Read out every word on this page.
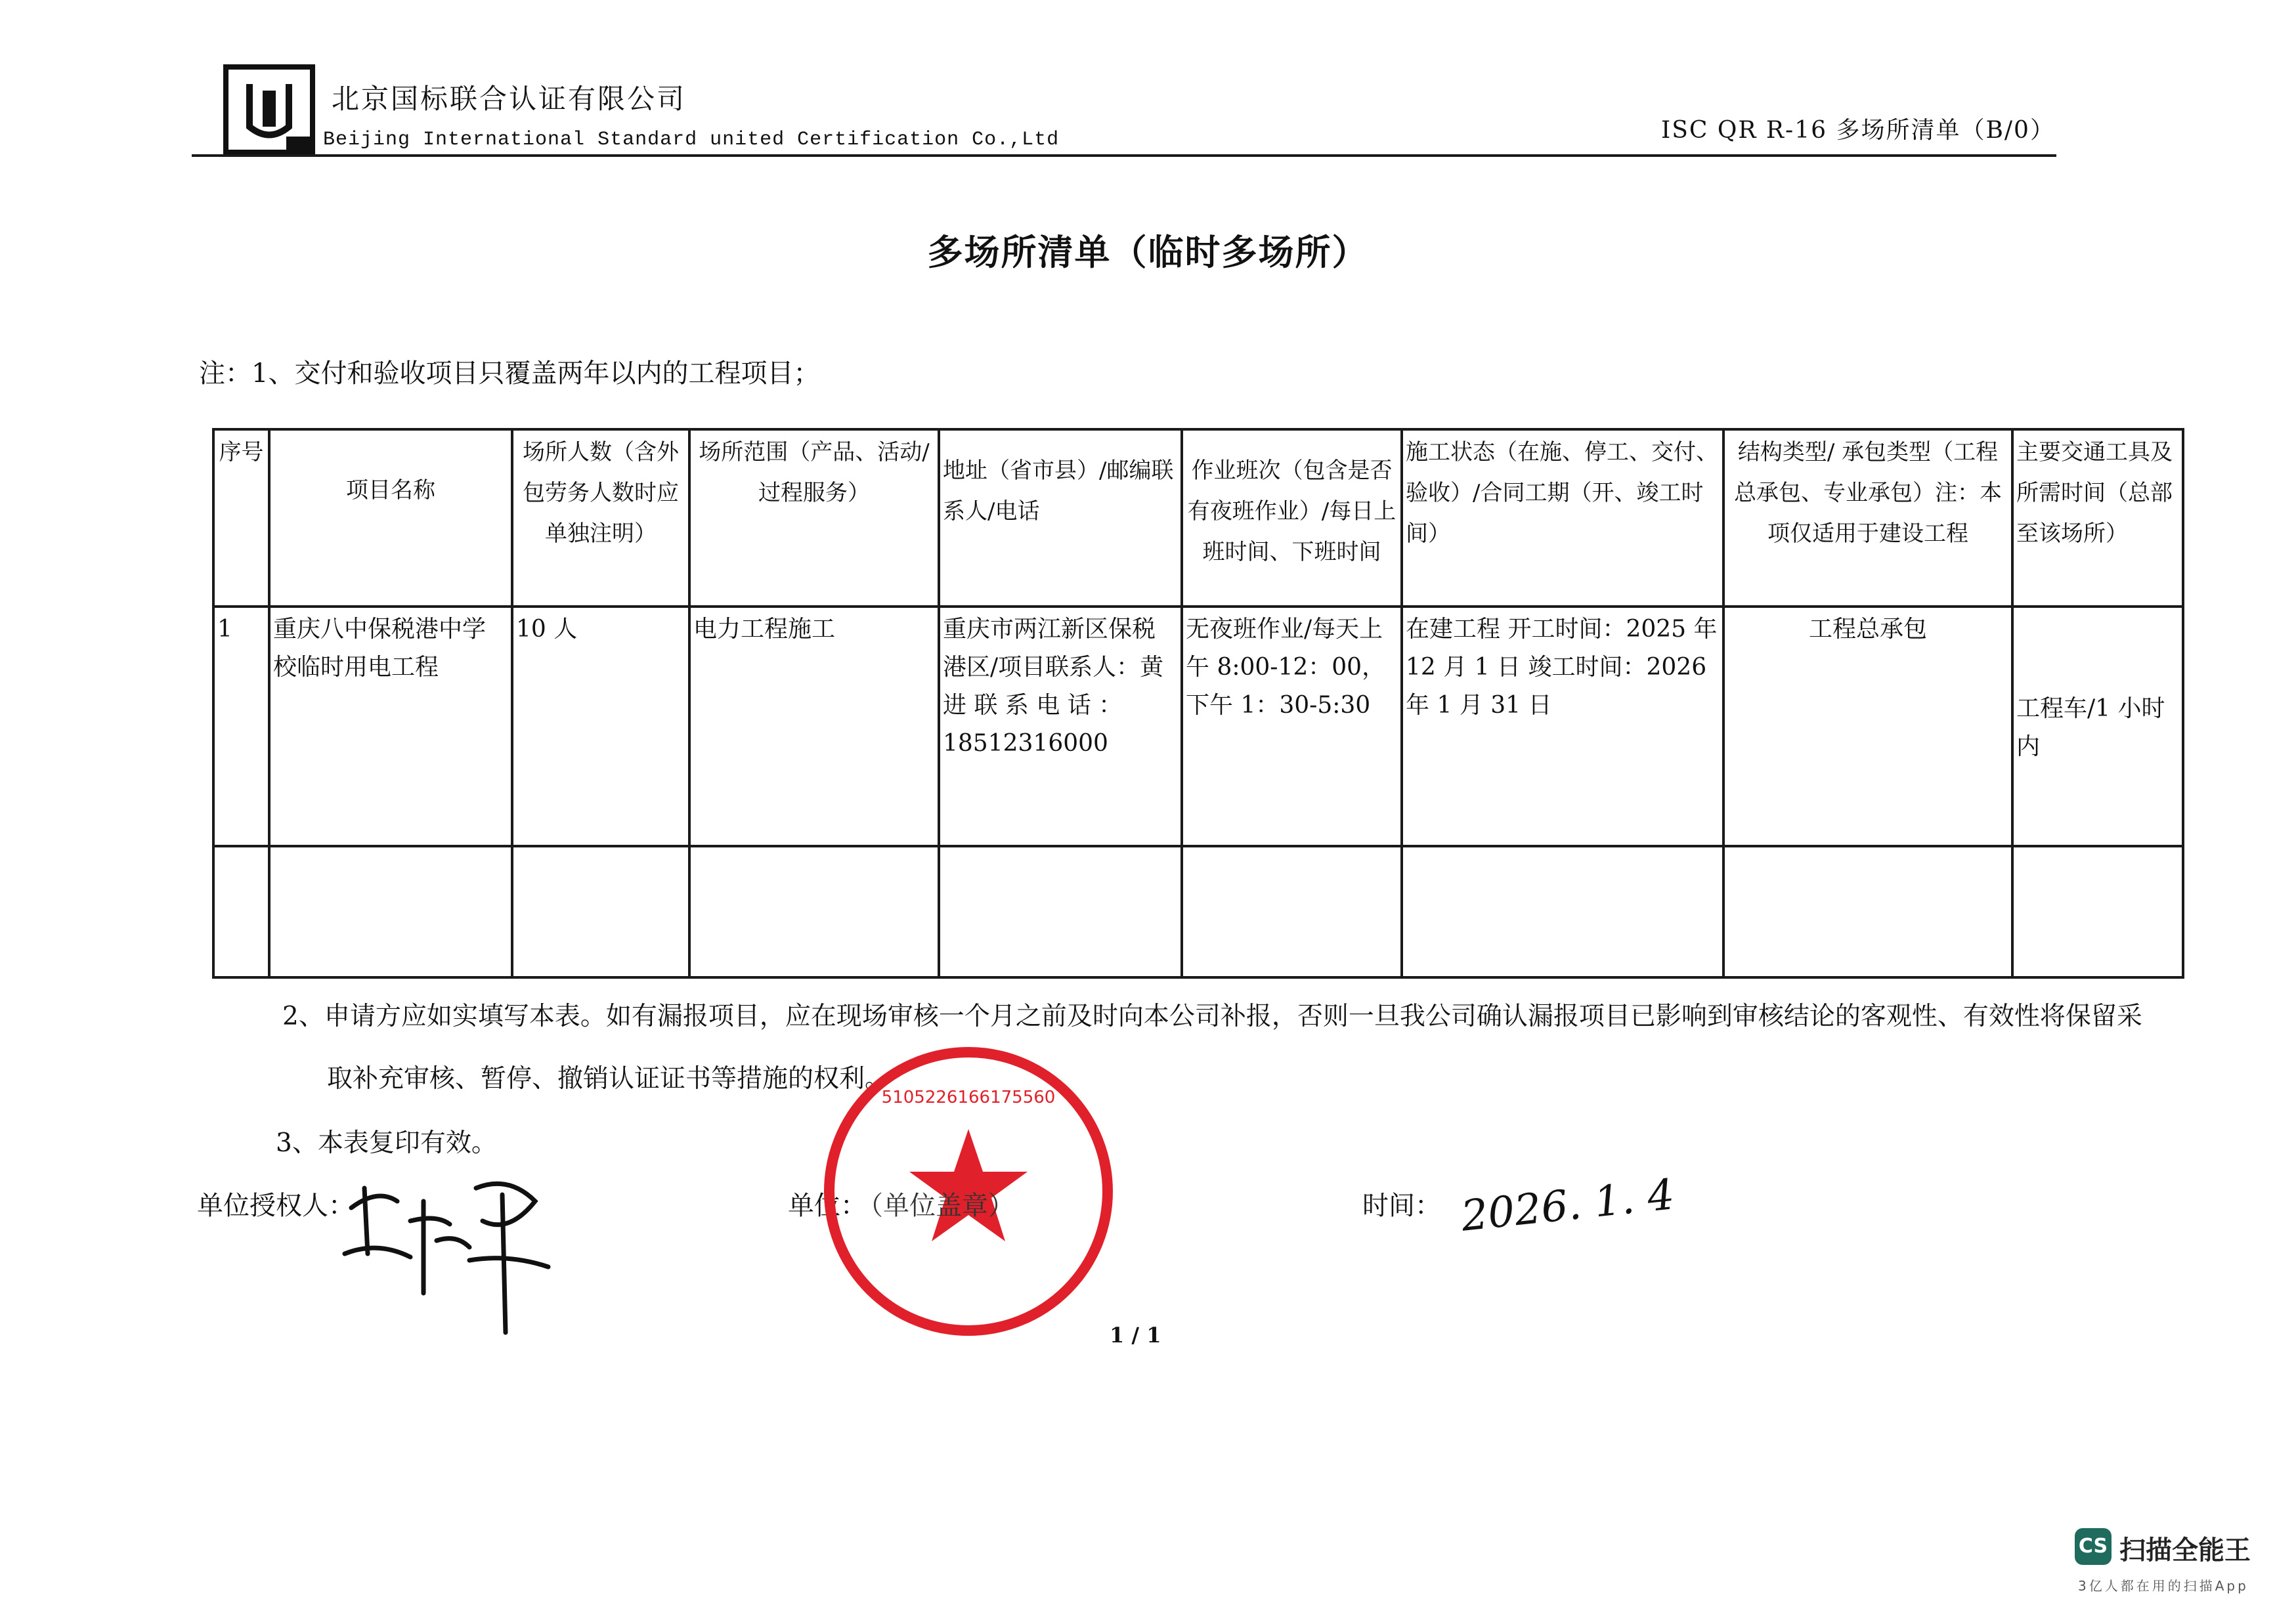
北京国标联合认证有限公司
Beijing International Standard united Certification Co.,Ltd	ISC QR R-16 多场所清单（B/0）
多场所清单（临时多场所）
注：1、交付和验收项目只覆盖两年以内的工程项目；
序号	项目名称	场所人数（含外包劳务人数时应单独注明）	场所范围（产品、活动/过程服务）	地址（省市县）/邮编联系人/电话	作业班次（包含是否有夜班作业）/每日上班时间、下班时间	施工状态（在施、停工、交付、验收）/合同工期（开、竣工时间）	结构类型/ 承包类型（工程总承包、专业承包）注：本项仅适用于建设工程	主要交通工具及所需时间（总部至该场所）
1	重庆八中保税港中学校临时用电工程	10 人	电力工程施工	重庆市两江新区保税港区/项目联系人：黄 进 联 系 电 话 ：18512316000	无夜班作业/每天上午 8:00-12：00，下午 1：30-5:30	在建工程 开工时间：2025 年 12 月 1 日 竣工时间：2026 年 1 月 31 日	工程总承包	工程车/1 小时内

2、申请方应如实填写本表。如有漏报项目，应在现场审核一个月之前及时向本公司补报，否则一旦我公司确认漏报项目已影响到审核结论的客观性、有效性将保留采
取补充审核、暂停、撤销认证证书等措施的权利。
3、本表复印有效。
单位授权人：	单位：
5105226166175560
（单位盖章）	时间： 2026. 1. 4
1 / 1
CS 扫描全能王
3亿人都在用的扫描App
